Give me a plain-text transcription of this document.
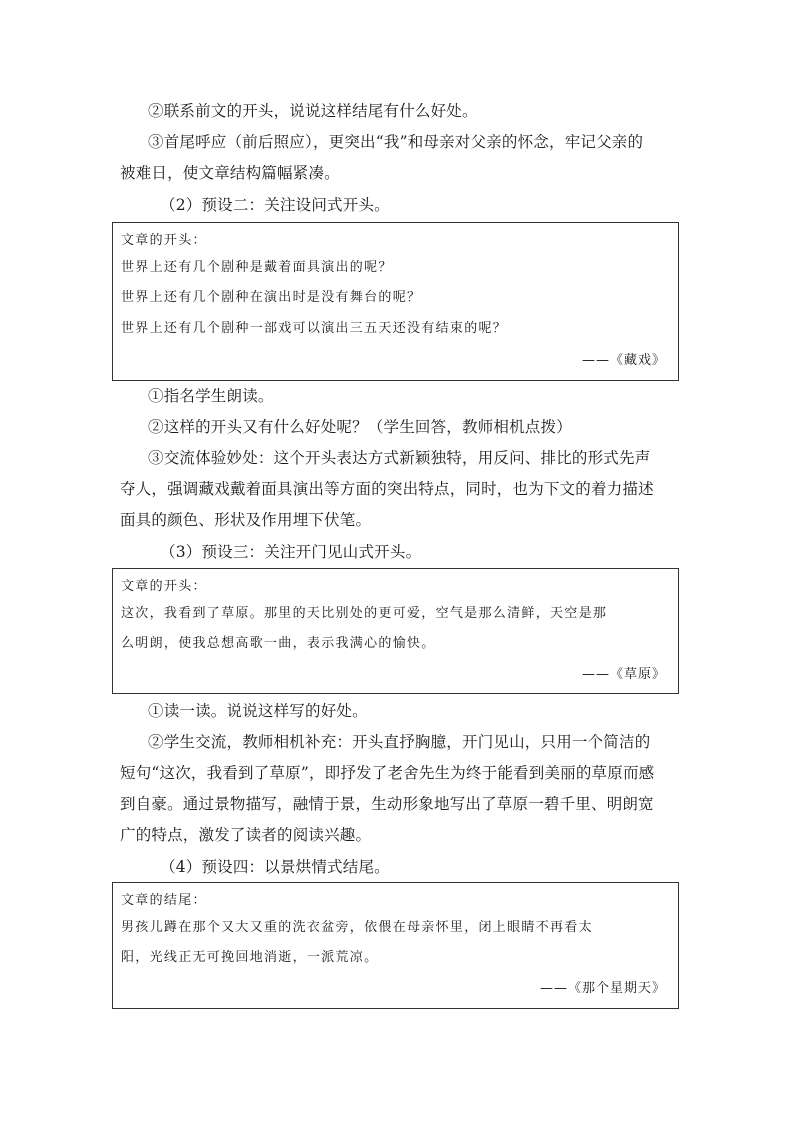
②联系前文的开头，说说这样结尾有什么好处。

③首尾呼应（前后照应），更突出“我”和母亲对父亲的怀念，牢记父亲的

被难日，使文章结构篇幅紧凑。

（2）预设二：关注设问式开头。

文章的开头：
世界上还有几个剧种是戴着面具演出的呢？
世界上还有几个剧种在演出时是没有舞台的呢？
世界上还有几个剧种一部戏可以演出三五天还没有结束的呢？
——《藏戏》

①指名学生朗读。

②这样的开头又有什么好处呢？（学生回答，教师相机点拨）

③交流体验妙处：这个开头表达方式新颖独特，用反问、排比的形式先声

夺人，强调藏戏戴着面具演出等方面的突出特点，同时，也为下文的着力描述

面具的颜色、形状及作用埋下伏笔。

（3）预设三：关注开门见山式开头。

文章的开头：
这次，我看到了草原。那里的天比别处的更可爱，空气是那么清鲜，天空是那
么明朗，使我总想高歌一曲，表示我满心的愉快。
——《草原》

①读一读。说说这样写的好处。

②学生交流，教师相机补充：开头直抒胸臆，开门见山，只用一个简洁的

短句“这次，我看到了草原”，即抒发了老舍先生为终于能看到美丽的草原而感

到自豪。通过景物描写，融情于景，生动形象地写出了草原一碧千里、明朗宽

广的特点，激发了读者的阅读兴趣。

（4）预设四：以景烘情式结尾。

文章的结尾：
男孩儿蹲在那个又大又重的洗衣盆旁，依偎在母亲怀里，闭上眼睛不再看太
阳，光线正无可挽回地消逝，一派荒凉。
——《那个星期天》
